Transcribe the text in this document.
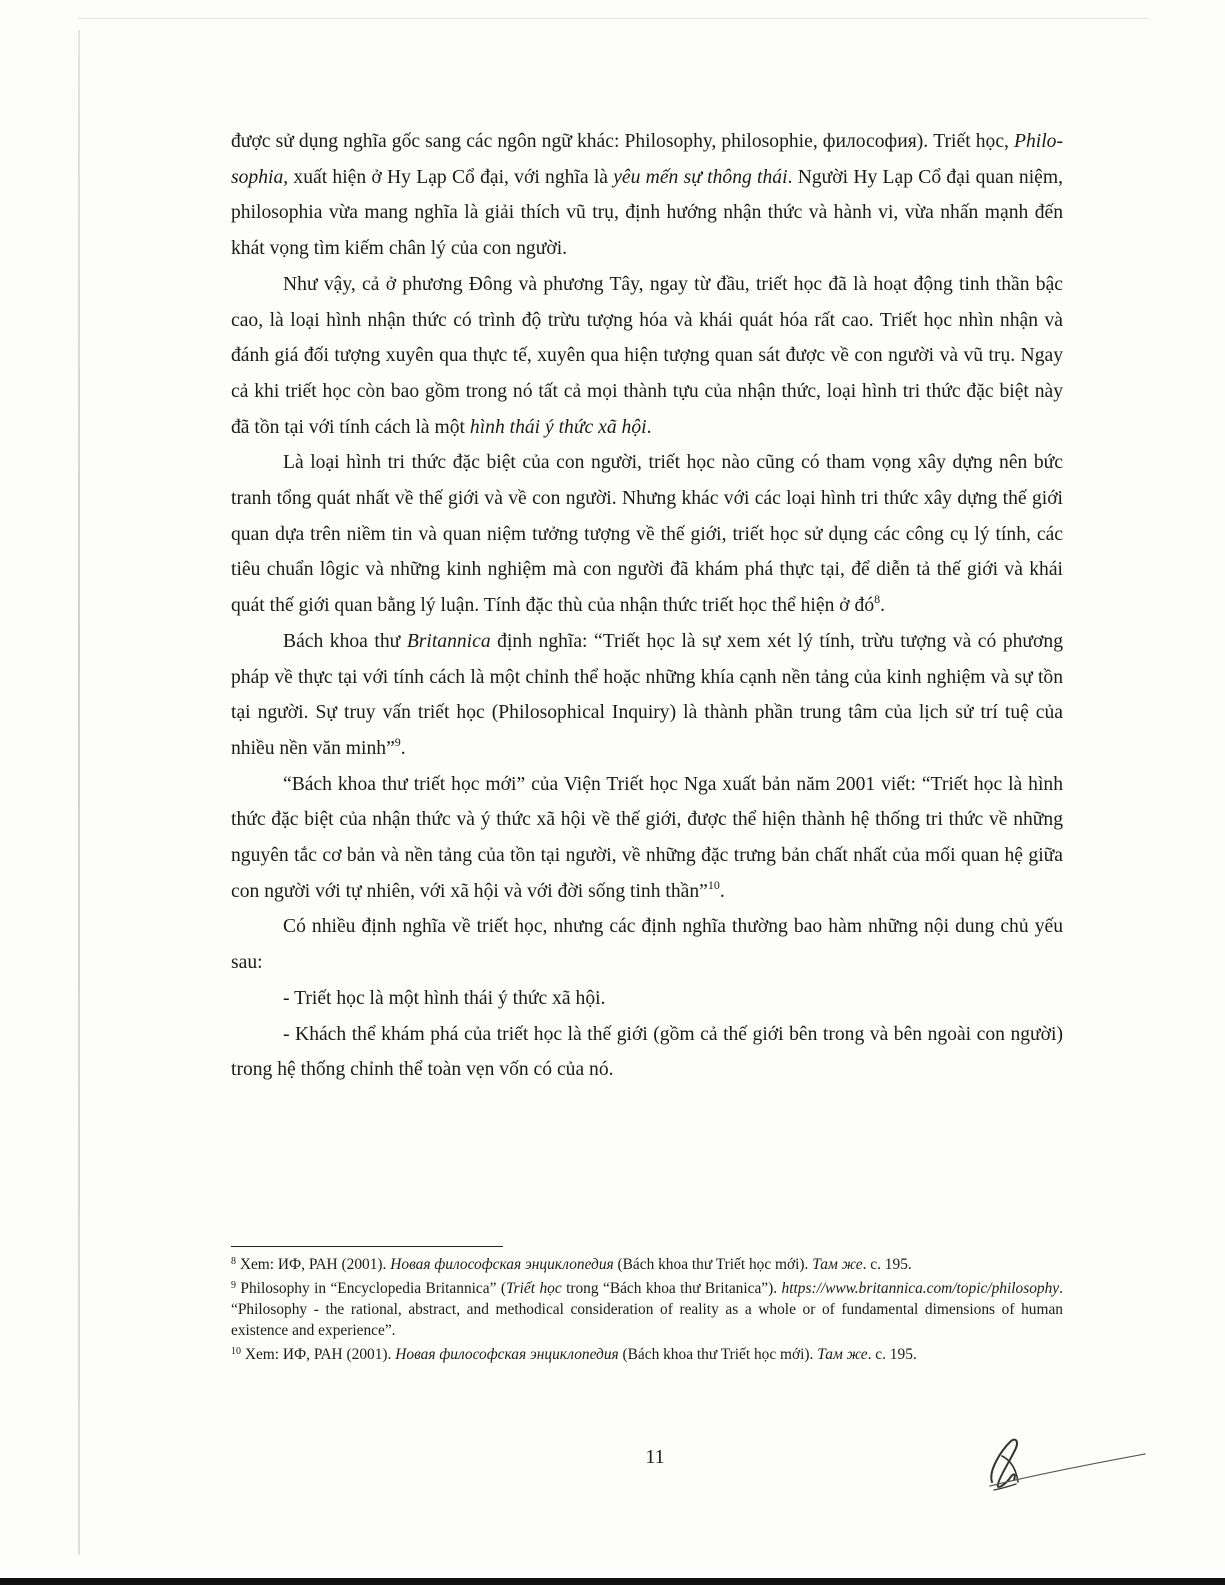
được sử dụng nghĩa gốc sang các ngôn ngữ khác: Philosophy, philosophie, философия). Triết học, Philo-sophia, xuất hiện ở Hy Lạp Cổ đại, với nghĩa là yêu mến sự thông thái. Người Hy Lạp Cổ đại quan niệm, philosophia vừa mang nghĩa là giải thích vũ trụ, định hướng nhận thức và hành vi, vừa nhấn mạnh đến khát vọng tìm kiếm chân lý của con người.

Như vậy, cả ở phương Đông và phương Tây, ngay từ đầu, triết học đã là hoạt động tinh thần bậc cao, là loại hình nhận thức có trình độ trừu tượng hóa và khái quát hóa rất cao. Triết học nhìn nhận và đánh giá đối tượng xuyên qua thực tế, xuyên qua hiện tượng quan sát được về con người và vũ trụ. Ngay cả khi triết học còn bao gồm trong nó tất cả mọi thành tựu của nhận thức, loại hình tri thức đặc biệt này đã tồn tại với tính cách là một hình thái ý thức xã hội.

Là loại hình tri thức đặc biệt của con người, triết học nào cũng có tham vọng xây dựng nên bức tranh tổng quát nhất về thế giới và về con người. Nhưng khác với các loại hình tri thức xây dựng thế giới quan dựa trên niềm tin và quan niệm tưởng tượng về thế giới, triết học sử dụng các công cụ lý tính, các tiêu chuẩn lôgic và những kinh nghiệm mà con người đã khám phá thực tại, để diễn tả thế giới và khái quát thế giới quan bằng lý luận. Tính đặc thù của nhận thức triết học thể hiện ở $đó^8$.

Bách khoa thư Britannica định nghĩa: “Triết học là sự xem xét lý tính, trừu tượng và có phương pháp về thực tại với tính cách là một chỉnh thể hoặc những khía cạnh nền tảng của kinh nghiệm và sự tồn tại người. Sự truy vấn triết học (Philosophical Inquiry) là thành phần trung tâm của lịch sử trí tuệ của nhiều nền văn minh”$^9$.

“Bách khoa thư triết học mới” của Viện Triết học Nga xuất bản năm 2001 viết: “Triết học là hình thức đặc biệt của nhận thức và ý thức xã hội về thế giới, được thể hiện thành hệ thống tri thức về những nguyên tắc cơ bản và nền tảng của tồn tại người, về những đặc trưng bản chất nhất của mối quan hệ giữa con người với tự nhiên, với xã hội và với đời sống tinh thần”$^{10}$.

Có nhiều định nghĩa về triết học, nhưng các định nghĩa thường bao hàm những nội dung chủ yếu sau:

- Triết học là một hình thái ý thức xã hội.

- Khách thể khám phá của triết học là thế giới (gồm cả thế giới bên trong và bên ngoài con người) trong hệ thống chỉnh thể toàn vẹn vốn có của nó.

$^8$ Xem: ИФ, РАН (2001). Новая философская энциклопедия (Bách khoa thư Triết học mới). Там же. с. 195.

$^9$ Philosophy in “Encyclopedia Britannica” (Triết học trong “Bách khoa thư Britanica”). https://www.britannica.com/topic/philosophy. “Philosophy - the rational, abstract, and methodical consideration of reality as a whole or of fundamental dimensions of human existence and experience”.

$^{10}$ Xem: ИФ, РАН (2001). Новая философская энциклопедия (Bách khoa thư Triết học mới). Там же. с. 195.

11
